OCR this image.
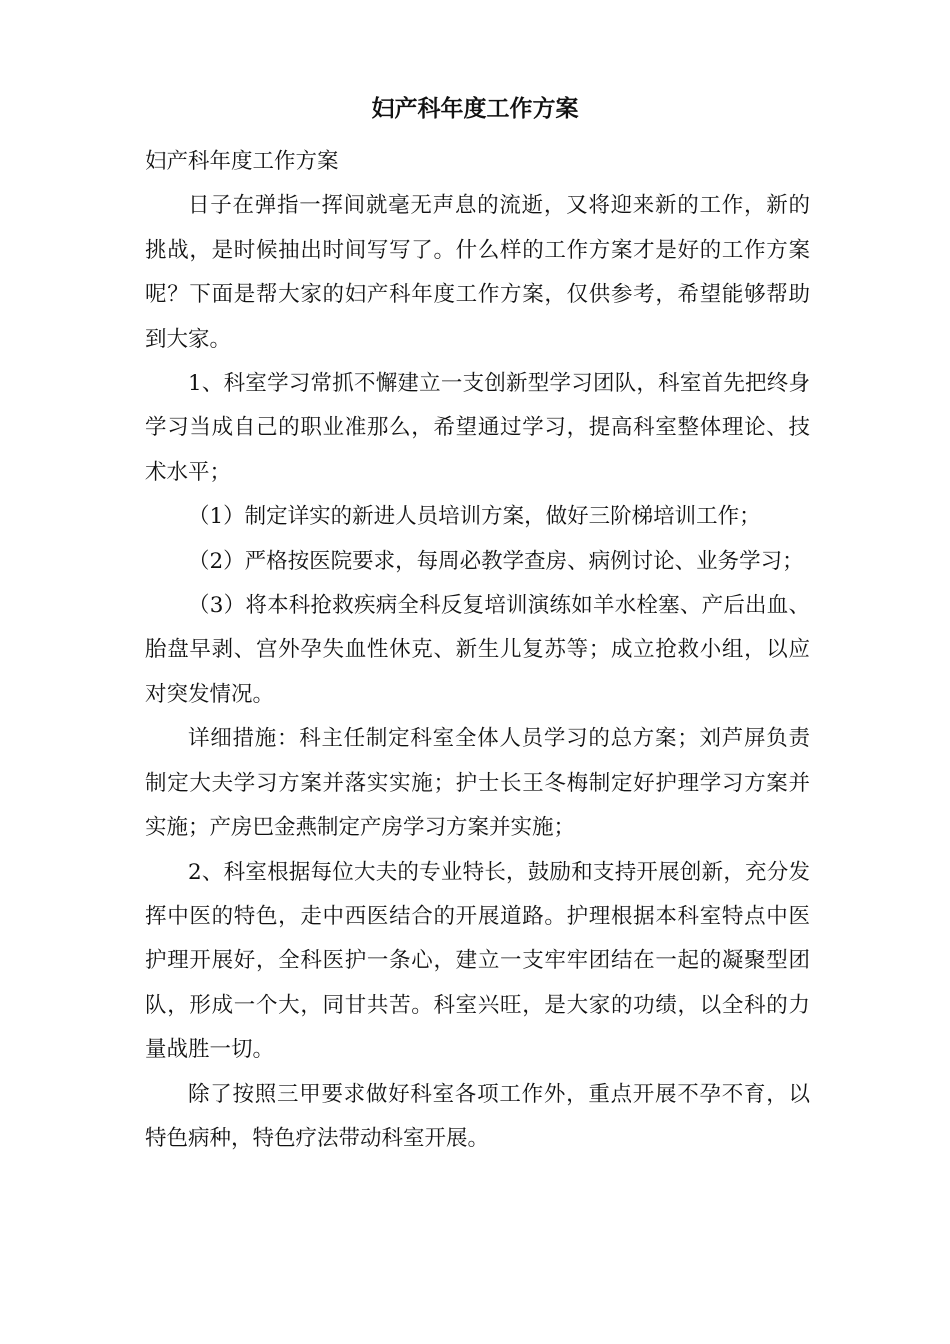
妇产科年度工作方案

妇产科年度工作方案

日子在弹指一挥间就毫无声息的流逝，又将迎来新的工作，新的挑战，是时候抽出时间写写了。什么样的工作方案才是好的工作方案呢？下面是帮大家的妇产科年度工作方案，仅供参考，希望能够帮助到大家。

1、科室学习常抓不懈建立一支创新型学习团队，科室首先把终身学习当成自己的职业准那么，希望通过学习，提高科室整体理论、技术水平；

（1）制定详实的新进人员培训方案，做好三阶梯培训工作；

（2）严格按医院要求，每周必教学查房、病例讨论、业务学习；

（3）将本科抢救疾病全科反复培训演练如羊水栓塞、产后出血、胎盘早剥、宫外孕失血性休克、新生儿复苏等；成立抢救小组，以应对突发情况。

详细措施：科主任制定科室全体人员学习的总方案；刘芦屏负责制定大夫学习方案并落实实施；护士长王冬梅制定好护理学习方案并实施；产房巴金燕制定产房学习方案并实施；

2、科室根据每位大夫的专业特长，鼓励和支持开展创新，充分发挥中医的特色，走中西医结合的开展道路。护理根据本科室特点中医护理开展好，全科医护一条心，建立一支牢牢团结在一起的凝聚型团队，形成一个大，同甘共苦。科室兴旺，是大家的功绩，以全科的力量战胜一切。

除了按照三甲要求做好科室各项工作外，重点开展不孕不育，以特色病种，特色疗法带动科室开展。
